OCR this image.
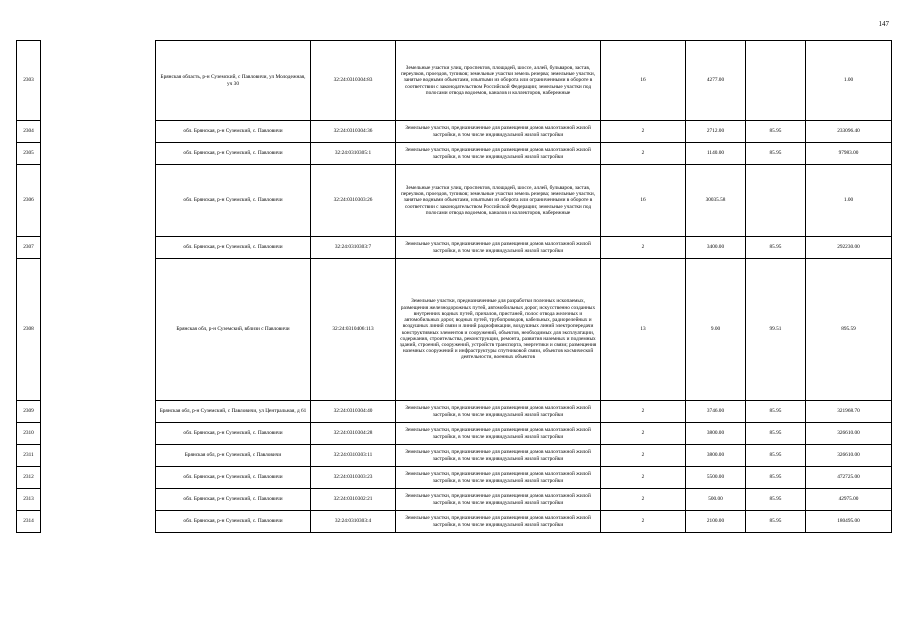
147
2303		Брянская область, р-н Суземский, с Павловичи, ул Молодежная, уч 30	32:24:0310304:83	Земельные участки улиц, проспектов, площадей, шоссе, аллей, бульваров, застав, переулков, проездов, тупиков; земельные участки земель резерва; земельные участки, занятые водными объектами, изъятыми из оборота или ограниченными в обороте в соответствии с законодательством Российской Федерации; земельные участки под полосами отвода водоемов, каналов и коллекторов, набережные	16	4277.00		1.00
2304		обл. Брянская, р-н Суземский, с. Павловичи	32:24:0310304:36	Земельные участки, предназначенные для размещения домов малоэтажной жилой застройки, в том числе индивидуальной жилой застройки	2	2712.00	85.95	233096.40
2305		обл. Брянская, р-н Суземский, с. Павловичи	32:24:0310305:1	Земельные участки, предназначенные для размещения домов малоэтажной жилой застройки, в том числе индивидуальной жилой застройки	2	1140.00	85.95	97983.00
2306		обл. Брянская, р-н Суземский, с. Павловичи	32:24:0310303:26	Земельные участки улиц, проспектов, площадей, шоссе, аллей, бульваров, застав, переулков, проездов, тупиков; земельные участки земель резерва; земельные участки, занятые водными объектами, изъятыми из оборота или ограниченными в обороте в соответствии с законодательством Российской Федерации; земельные участки под полосами отвода водоемов, каналов и коллекторов, набережные	16	30035.58		1.00
2307		обл. Брянская, р-н Суземский, с. Павловичи	32:24:0310303:7	Земельные участки, предназначенные для размещения домов малоэтажной жилой застройки, в том числе индивидуальной жилой застройки	2	3400.00	85.95	292230.00
2308		Брянская обл, р-н Суземский, вблизи с Павловичи	32:24:0310406:113	Земельные участки, предназначенные для разработки полезных ископаемых, размещения железнодорожных путей, автомобильных дорог, искусственно созданных внутренних водных путей, причалов, пристаней, полос отвода железных и автомобильных дорог, водных путей, трубопроводов, кабельных, радиорелейных и воздушных линий связи и линий радиофикации, воздушных линий электропередачи конструктивных элементов и сооружений, объектов, необходимых для эксплуатации, содержания, строительства, реконструкции, ремонта, развития наземных и подземных зданий, строений, сооружений, устройств транспорта, энергетики и связи; размещения наземных сооружений и инфраструктуры спутниковой связи, объектов космической деятельности, военных объектов	13	9.00	99.51	895.59
2309		Брянская обл, р-н Суземский, с Павловичи, ул Центральная, д 61	32:24:0310304:40	Земельные участки, предназначенные для размещения домов малоэтажной жилой застройки, в том числе индивидуальной жилой застройки	2	3746.00	85.95	321968.70
2310		обл. Брянская, р-н Суземский, с. Павловичи	32:24:0310304:28	Земельные участки, предназначенные для размещения домов малоэтажной жилой застройки, в том числе индивидуальной жилой застройки	2	3800.00	85.95	326610.00
2311		Брянская обл, р-н Суземский, с Павловичи	32:24:0310303:11	Земельные участки, предназначенные для размещения домов малоэтажной жилой застройки, в том числе индивидуальной жилой застройки	2	3800.00	85.95	326610.00
2312		обл. Брянская, р-н Суземский, с. Павловичи	32:24:0310303:23	Земельные участки, предназначенные для размещения домов малоэтажной жилой застройки, в том числе индивидуальной жилой застройки	2	5500.00	85.95	472725.00
2313		обл. Брянская, р-н Суземский, с. Павловичи	32:24:0310302:21	Земельные участки, предназначенные для размещения домов малоэтажной жилой застройки, в том числе индивидуальной жилой застройки	2	500.00	85.95	42975.00
2314		обл. Брянская, р-н Суземский, с. Павловичи	32:24:0310303:4	Земельные участки, предназначенные для размещения домов малоэтажной жилой застройки, в том числе индивидуальной жилой застройки	2	2100.00	85.95	180495.00
